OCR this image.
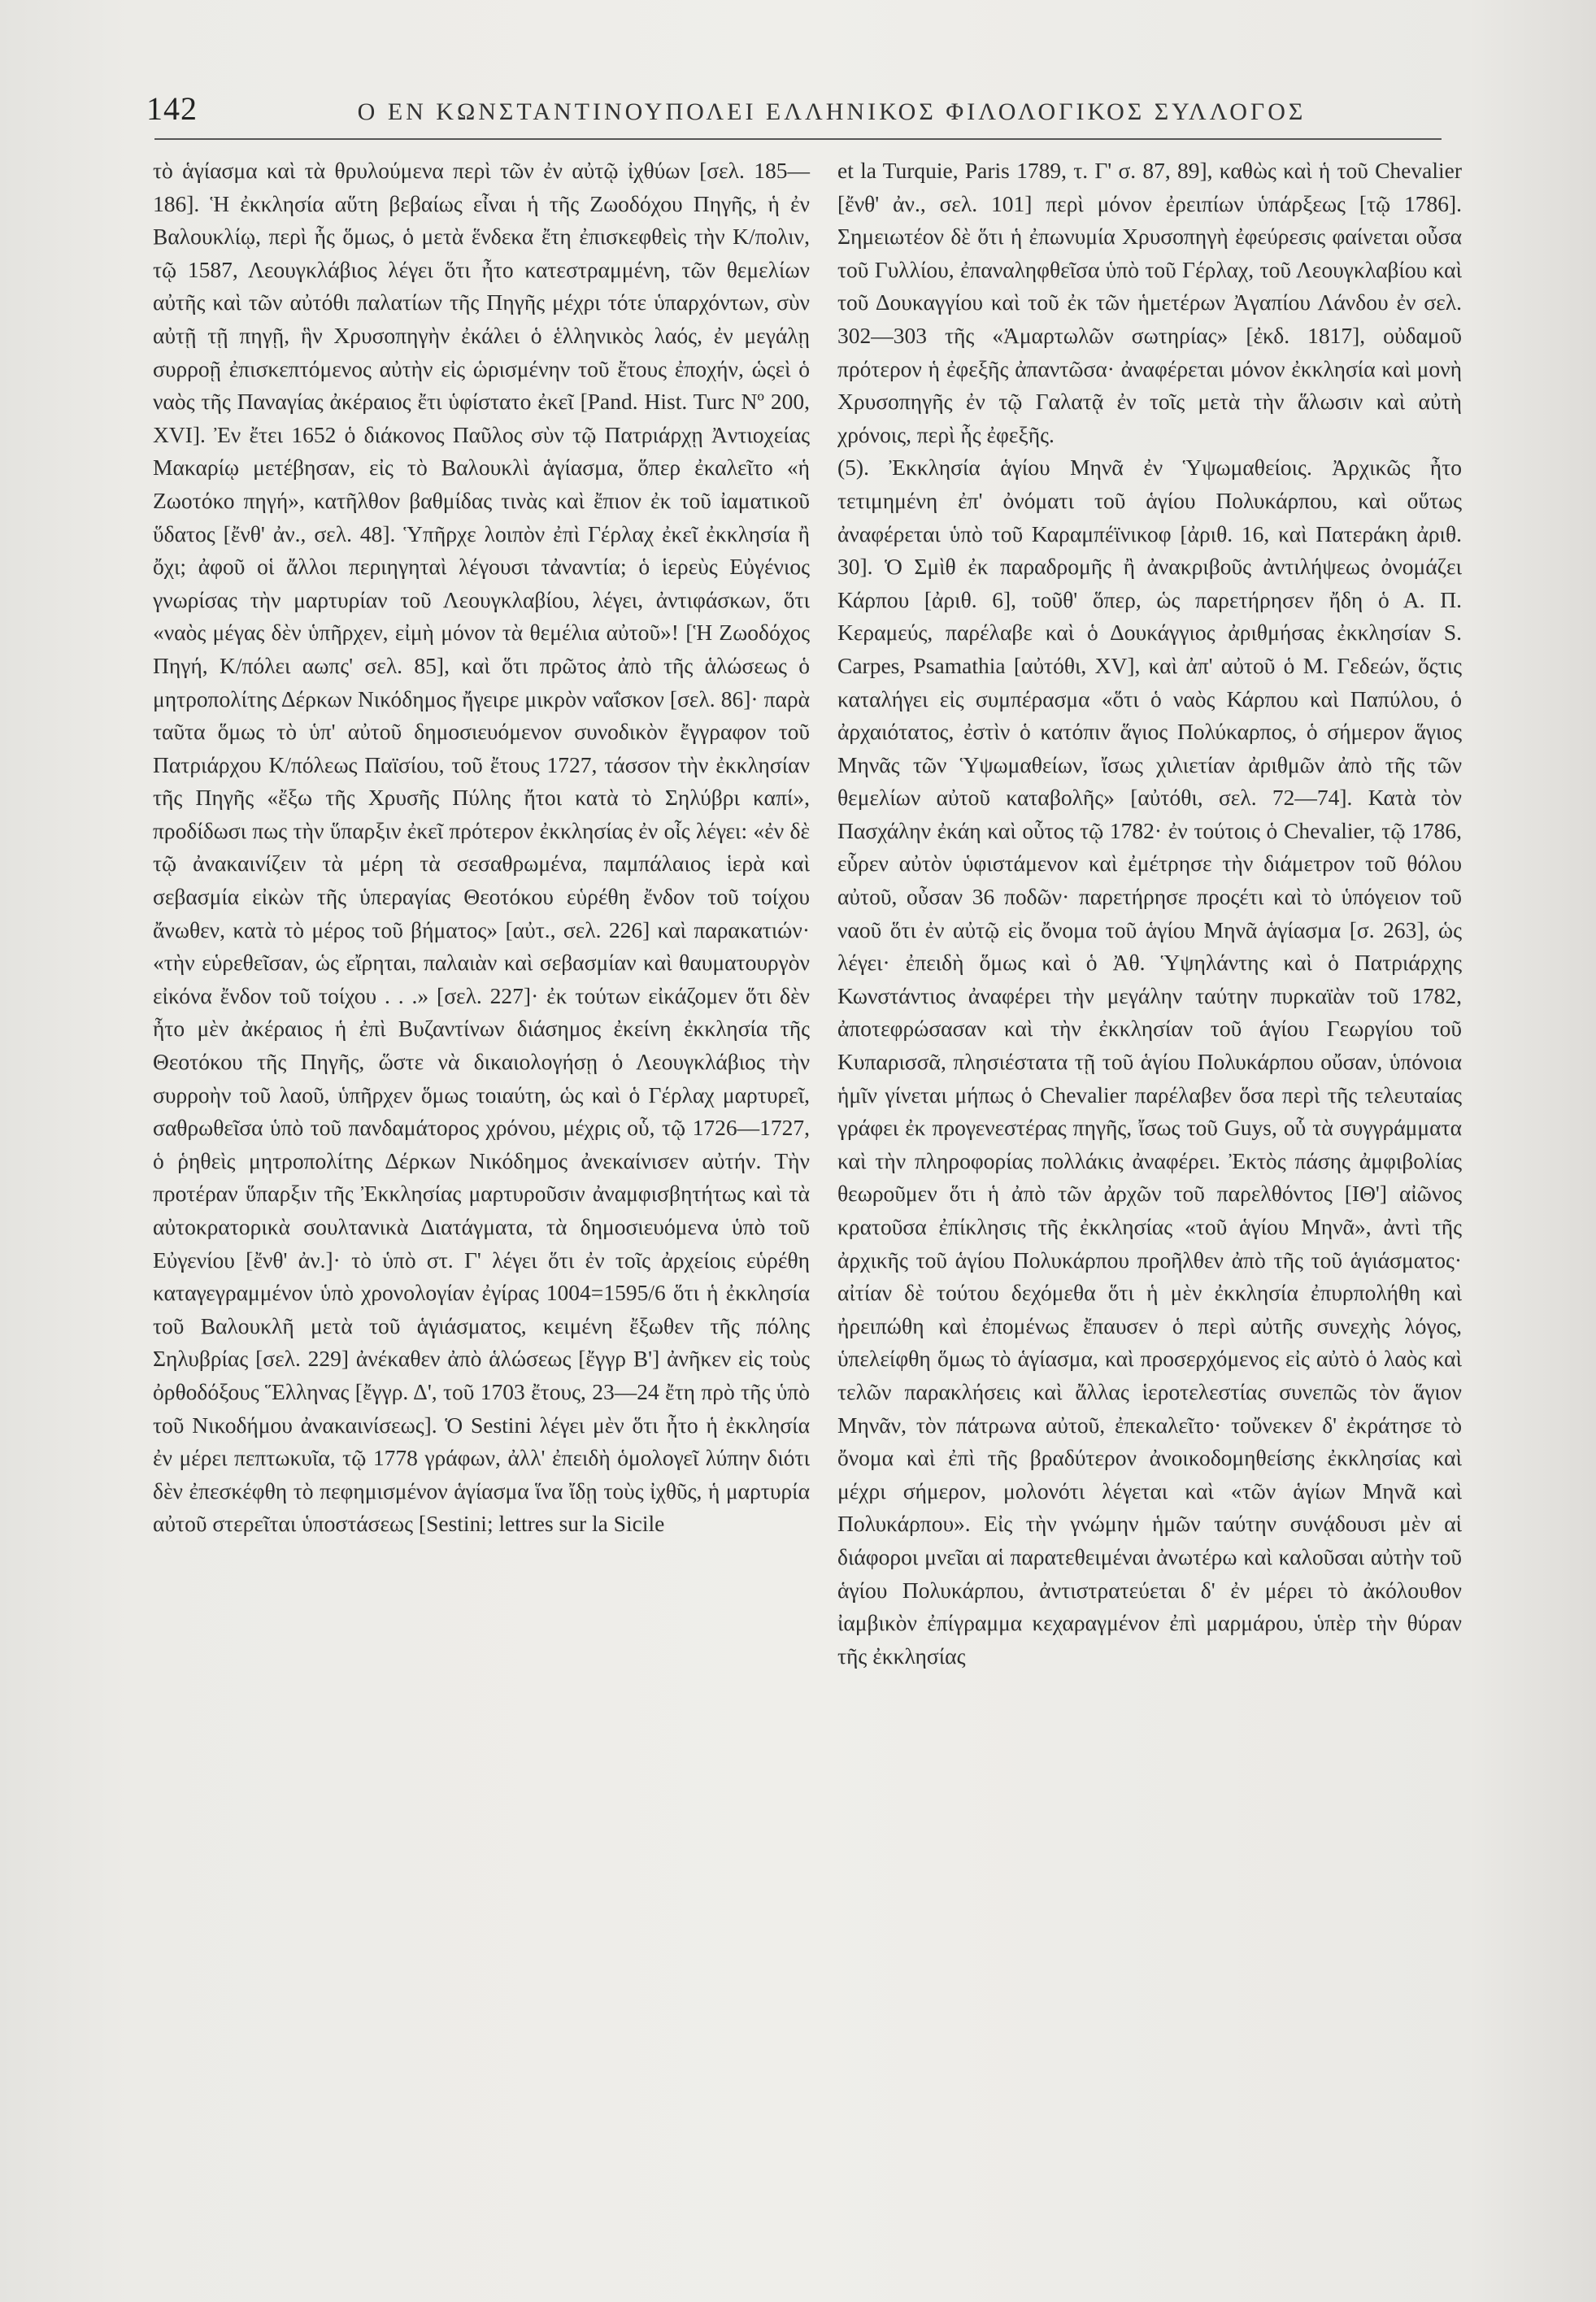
142	Ο ΕΝ ΚΩΝΣΤΑΝΤΙΝΟΥΠΟΛΕΙ ΕΛΛΗΝΙΚΟΣ ΦΙΛΟΛΟΓΙΚΟΣ ΣΥΛΛΟΓΟΣ

τὸ ἁγίασμα καὶ τὰ θρυλούμενα περὶ τῶν ἐν αὐτῷ ἰχθύων [σελ. 185—186]. Ἡ ἐκκλησία αὕτη βεβαίως εἶναι ἡ τῆς Ζωοδόχου Πηγῆς, ἡ ἐν Βαλουκλίῳ, περὶ ἧς ὅμως, ὁ μετὰ ἕνδεκα ἔτη ἐπισκεφθεὶς τὴν Κ/πολιν, τῷ 1587, Λεουγκλάβιος λέγει ὅτι ἦτο κατεστραμμένη, τῶν θεμελίων αὐτῆς καὶ τῶν αὐτόθι παλατίων τῆς Πηγῆς μέχρι τότε ὑπαρχόντων, σὺν αὐτῇ τῇ πηγῇ, ἣν Χρυσοπηγὴν ἐκάλει ὁ ἑλληνικὸς λαός, ἐν μεγάλῃ συρροῇ ἐπισκεπτόμενος αὐτὴν εἰς ὡρισμένην τοῦ ἔτους ἐποχήν, ὡςεὶ ὁ ναὸς τῆς Παναγίας ἀκέραιος ἔτι ὑφίστατο ἐκεῖ [Pand. Hist. Turc Nº 200, XVI]. Ἐν ἔτει 1652 ὁ διάκονος Παῦλος σὺν τῷ Πατριάρχῃ Ἀντιοχείας Μακαρίῳ μετέβησαν, εἰς τὸ Βαλουκλὶ ἁγίασμα, ὅπερ ἐκαλεῖτο «ἡ Ζωοτόκο πηγή», κατῆλθον βαθμίδας τινὰς καὶ ἔπιον ἐκ τοῦ ἰαματικοῦ ὕδατος [ἔνθ' ἀν., σελ. 48]. Ὑπῆρχε λοιπὸν ἐπὶ Γέρλαχ ἐκεῖ ἐκκλησία ἢ ὄχι; ἀφοῦ οἱ ἄλλοι περιηγηταὶ λέγουσι τἀναντία; ὁ ἱερεὺς Εὐγένιος γνωρίσας τὴν μαρτυρίαν τοῦ Λεουγκλαβίου, λέγει, ἀντιφάσκων, ὅτι «ναὸς μέγας δὲν ὑπῆρχεν, εἰμὴ μόνον τὰ θεμέλια αὐτοῦ»! [Ἡ Ζωοδόχος Πηγή, Κ/πόλει αωπς' σελ. 85], καὶ ὅτι πρῶτος ἀπὸ τῆς ἁλώσεως ὁ μητροπολίτης Δέρκων Νικόδημος ἤγειρε μικρὸν ναΐσκον [σελ. 86]· παρὰ ταῦτα ὅμως τὸ ὑπ' αὐτοῦ δημοσιευόμενον συνοδικὸν ἔγγραφον τοῦ Πατριάρχου Κ/πόλεως Παϊσίου, τοῦ ἔτους 1727, τάσσον τὴν ἐκκλησίαν τῆς Πηγῆς «ἔξω τῆς Χρυσῆς Πύλης ἤτοι κατὰ τὸ Σηλύβρι καπί», προδίδωσι πως τὴν ὕπαρξιν ἐκεῖ πρότερον ἐκκλησίας ἐν οἷς λέγει: «ἐν δὲ τῷ ἀνακαινίζειν τὰ μέρη τὰ σεσαθρωμένα, παμπάλαιος ἱερὰ καὶ σεβασμία εἰκὼν τῆς ὑπεραγίας Θεοτόκου εὑρέθη ἔνδον τοῦ τοίχου ἄνωθεν, κατὰ τὸ μέρος τοῦ βήματος» [αὐτ., σελ. 226] καὶ παρακατιών· «τὴν εὑρεθεῖσαν, ὡς εἴρηται, παλαιὰν καὶ σεβασμίαν καὶ θαυματουργὸν εἰκόνα ἔνδον τοῦ τοίχου . . .» [σελ. 227]· ἐκ τούτων εἰκάζομεν ὅτι δὲν ἦτο μὲν ἀκέραιος ἡ ἐπὶ Βυζαντίνων διάσημος ἐκείνη ἐκκλησία τῆς Θεοτόκου τῆς Πηγῆς, ὥστε νὰ δικαιολογήσῃ ὁ Λεουγκλάβιος τὴν συρροὴν τοῦ λαοῦ, ὑπῆρχεν ὅμως τοιαύτη, ὡς καὶ ὁ Γέρλαχ μαρτυρεῖ, σαθρωθεῖσα ὑπὸ τοῦ πανδαμάτορος χρόνου, μέχρις οὗ, τῷ 1726—1727, ὁ ῥηθεὶς μητροπολίτης Δέρκων Νικόδημος ἀνεκαίνισεν αὐτήν. Τὴν προτέραν ὕπαρξιν τῆς Ἐκκλησίας μαρτυροῦσιν ἀναμφισβητήτως καὶ τὰ αὐτοκρατορικὰ σουλτανικὰ Διατάγματα, τὰ δημοσιευόμενα ὑπὸ τοῦ Εὐγενίου [ἔνθ' ἀν.]· τὸ ὑπὸ στ. Γ' λέγει ὅτι ἐν τοῖς ἀρχείοις εὑρέθη καταγεγραμμένον ὑπὸ χρονολογίαν ἐγίρας 1004=1595/6 ὅτι ἡ ἐκκλησία τοῦ Βαλουκλῆ μετὰ τοῦ ἁγιάσματος, κειμένη ἔξωθεν τῆς πόλης Σηλυβρίας [σελ. 229] ἀνέκαθεν ἀπὸ ἁλώσεως [ἔγγρ Β'] ἀνῆκεν εἰς τοὺς ὀρθοδόξους Ἕλληνας [ἔγγρ. Δ', τοῦ 1703 ἔτους, 23—24 ἔτη πρὸ τῆς ὑπὸ τοῦ Νικοδήμου ἀνακαινίσεως]. Ὁ Sestini λέγει μὲν ὅτι ἦτο ἡ ἐκκλησία ἐν μέρει πεπτωκυῖα, τῷ 1778 γράφων, ἀλλ' ἐπειδὴ ὁμολογεῖ λύπην διότι δὲν ἐπεσκέφθη τὸ πεφημισμένον ἁγίασμα ἵνα ἴδῃ τοὺς ἰχθῦς, ἡ μαρτυρία αὐτοῦ στερεῖται ὑποστάσεως [Sestini; lettres sur la Sicile

et la Turquie, Paris 1789, τ. Γ' σ. 87, 89], καθὼς καὶ ἡ τοῦ Chevalier [ἔνθ' ἀν., σελ. 101] περὶ μόνον ἐρειπίων ὑπάρξεως [τῷ 1786]. Σημειωτέον δὲ ὅτι ἡ ἐπωνυμία Χρυσοπηγὴ ἐφεύρεσις φαίνεται οὖσα τοῦ Γυλλίου, ἐπαναληφθεῖσα ὑπὸ τοῦ Γέρλαχ, τοῦ Λεουγκλαβίου καὶ τοῦ Δουκαγγίου καὶ τοῦ ἐκ τῶν ἡμετέρων Ἀγαπίου Λάνδου ἐν σελ. 302—303 τῆς «Ἁμαρτωλῶν σωτηρίας» [ἐκδ. 1817], οὐδαμοῦ πρότερον ἡ ἐφεξῆς ἀπαντῶσα· ἀναφέρεται μόνον ἐκκλησία καὶ μονὴ Χρυσοπηγῆς ἐν τῷ Γαλατᾷ ἐν τοῖς μετὰ τὴν ἅλωσιν καὶ αὐτὴ χρόνοις, περὶ ἧς ἐφεξῆς.

(5). Ἐκκλησία ἁγίου Μηνᾶ ἐν Ὑψωμαθείοις. Ἀρχικῶς ἦτο τετιμημένη ἐπ' ὀνόματι τοῦ ἁγίου Πολυκάρπου, καὶ οὕτως ἀναφέρεται ὑπὸ τοῦ Καραμπέϊνικοφ [ἀριθ. 16, καὶ Πατεράκη ἀριθ. 30]. Ὁ Σμὶθ ἐκ παραδρομῆς ἢ ἀνακριβοῦς ἀντιλήψεως ὀνομάζει Κάρπου [ἀριθ. 6], τοῦθ' ὅπερ, ὡς παρετήρησεν ἤδη ὁ Α. Π. Κεραμεύς, παρέλαβε καὶ ὁ Δουκάγγιος ἀριθμήσας ἐκκλησίαν S. Carpes, Psamathia [αὐτόθι, XV], καὶ ἀπ' αὐτοῦ ὁ Μ. Γεδεών, ὅςτις καταλήγει εἰς συμπέρασμα «ὅτι ὁ ναὸς Κάρπου καὶ Παπύλου, ὁ ἀρχαιότατος, ἐστὶν ὁ κατόπιν ἅγιος Πολύκαρπος, ὁ σήμερον ἅγιος Μηνᾶς τῶν Ὑψωμαθείων, ἴσως χιλιετίαν ἀριθμῶν ἀπὸ τῆς τῶν θεμελίων αὐτοῦ καταβολῆς» [αὐτόθι, σελ. 72—74]. Κατὰ τὸν Πασχάλην ἐκάη καὶ οὗτος τῷ 1782· ἐν τούτοις ὁ Chevalier, τῷ 1786, εὗρεν αὐτὸν ὑφιστάμενον καὶ ἐμέτρησε τὴν διάμετρον τοῦ θόλου αὐτοῦ, οὖσαν 36 ποδῶν· παρετήρησε προςέτι καὶ τὸ ὑπόγειον τοῦ ναοῦ ὅτι ἐν αὐτῷ εἰς ὄνομα τοῦ ἁγίου Μηνᾶ ἁγίασμα [σ. 263], ὡς λέγει· ἐπειδὴ ὅμως καὶ ὁ Ἀθ. Ὑψηλάντης καὶ ὁ Πατριάρχης Κωνστάντιος ἀναφέρει τὴν μεγάλην ταύτην πυρκαϊὰν τοῦ 1782, ἀποτεφρώσασαν καὶ τὴν ἐκκλησίαν τοῦ ἁγίου Γεωργίου τοῦ Κυπαρισσᾶ, πλησιέστατα τῇ τοῦ ἁγίου Πολυκάρπου οὔσαν, ὑπόνοια ἡμῖν γίνεται μήπως ὁ Chevalier παρέλαβεν ὅσα περὶ τῆς τελευταίας γράφει ἐκ προγενεστέρας πηγῆς, ἴσως τοῦ Guys, οὗ τὰ συγγράμματα καὶ τὴν πληροφορίας πολλάκις ἀναφέρει. Ἐκτὸς πάσης ἀμφιβολίας θεωροῦμεν ὅτι ἡ ἀπὸ τῶν ἀρχῶν τοῦ παρελθόντος [ΙΘ'] αἰῶνος κρατοῦσα ἐπίκλησις τῆς ἐκκλησίας «τοῦ ἁγίου Μηνᾶ», ἀντὶ τῆς ἀρχικῆς τοῦ ἁγίου Πολυκάρπου προῆλθεν ἀπὸ τῆς τοῦ ἁγιάσματος· αἰτίαν δὲ τούτου δεχόμεθα ὅτι ἡ μὲν ἐκκλησία ἐπυρπολήθη καὶ ἠρειπώθη καὶ ἐπομένως ἔπαυσεν ὁ περὶ αὐτῆς συνεχὴς λόγος, ὑπελείφθη ὅμως τὸ ἁγίασμα, καὶ προσερχόμενος εἰς αὐτὸ ὁ λαὸς καὶ τελῶν παρακλήσεις καὶ ἄλλας ἱεροτελεστίας συνεπῶς τὸν ἅγιον Μηνᾶν, τὸν πάτρωνα αὐτοῦ, ἐπεκαλεῖτο· τοὔνεκεν δ' ἐκράτησε τὸ ὄνομα καὶ ἐπὶ τῆς βραδύτερον ἀνοικοδομηθείσης ἐκκλησίας καὶ μέχρι σήμερον, μολονότι λέγεται καὶ «τῶν ἁγίων Μηνᾶ καὶ Πολυκάρπου». Εἰς τὴν γνώμην ἡμῶν ταύτην συνᾴδουσι μὲν αἱ διάφοροι μνεῖαι αἱ παρατεθειμέναι ἀνωτέρω καὶ καλοῦσαι αὐτὴν τοῦ ἁγίου Πολυκάρπου, ἀντιστρατεύεται δ' ἐν μέρει τὸ ἀκόλουθον ἰαμβικὸν ἐπίγραμμα κεχαραγμένον ἐπὶ μαρμάρου, ὑπὲρ τὴν θύραν τῆς ἐκκλησίας
